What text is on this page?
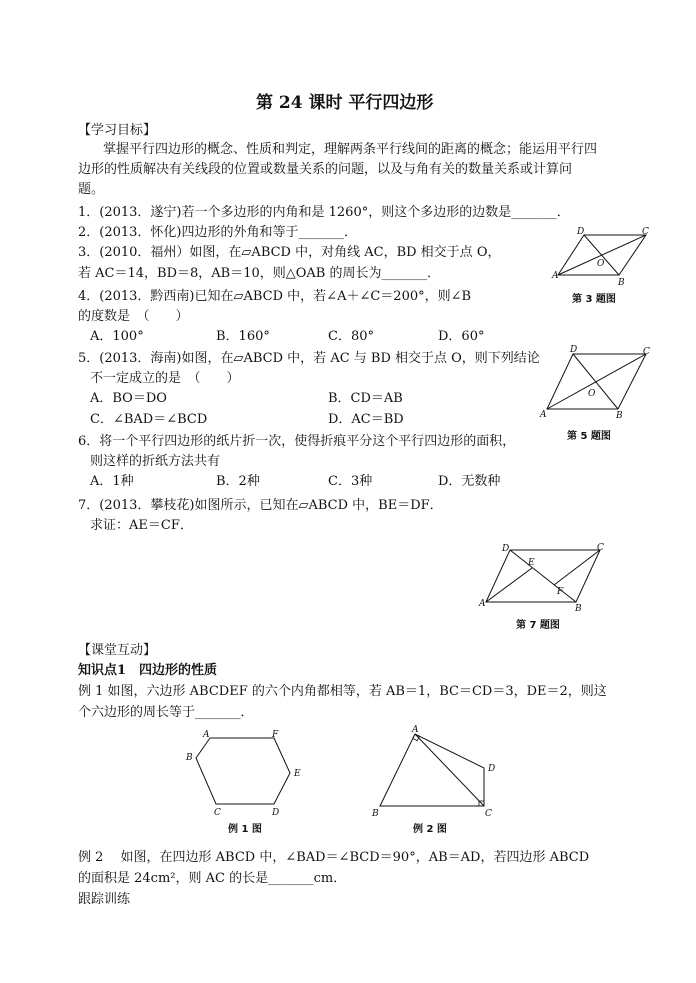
第 24 课时 平行四边形
【学习目标】
掌握平行四边形的概念、性质和判定，理解两条平行线间的距离的概念；能运用平行四
边形的性质解决有关线段的位置或数量关系的问题，以及与角有关的数量关系或计算问
题。
1．(2013．遂宁)若一个多边形的内角和是 1260°，则这个多边形的边数是_______．
2．(2013．怀化)四边形的外角和等于_______．
3．(2010．福州）如图，在▱ABCD 中，对角线 AC，BD 相交于点 O，
若 AC＝14，BD＝8，AB＝10，则△OAB 的周长为_______．
4．(2013．黔西南)已知在▱ABCD 中，若∠A＋∠C＝200°，则∠B
的度数是　（　　）
A．100°	B．160°	C．80°	D．60°
5．(2013．海南)如图，在▱ABCD 中，若 AC 与 BD 相交于点 O，则下列结论
不一定成立的是　（　　）
A．BO＝DO	B．CD＝AB
C．∠BAD＝∠BCD	D．AC＝BD
6．将一个平行四边形的纸片折一次，使得折痕平分这个平行四边形的面积，
则这样的折纸方法共有
A．1种	B．2种	C．3种	D．无数种
7．(2013．攀枝花)如图所示，已知在▱ABCD 中，BE＝DF．
求证：AE＝CF．
A
B
C
D
O
第 3 题图
A	B
C
D
O
第 5 题图
A	B
C
D
E
F
第 7 题图
【课堂互动】
知识点1　四边形的性质
例 1 如图，六边形 ABCDEF 的六个内角都相等，若 AB＝1，BC＝CD＝3，DE＝2，则这
个六边形的周长等于_______．
A
B
C	D
E
F
例 1 图
A
B	C
D
例 2 图
例 2　 如图，在四边形 ABCD 中，∠BAD＝∠BCD＝90°，AB＝AD，若四边形 ABCD
的面积是 24cm²，则 AC 的长是_______cm．
跟踪训练
